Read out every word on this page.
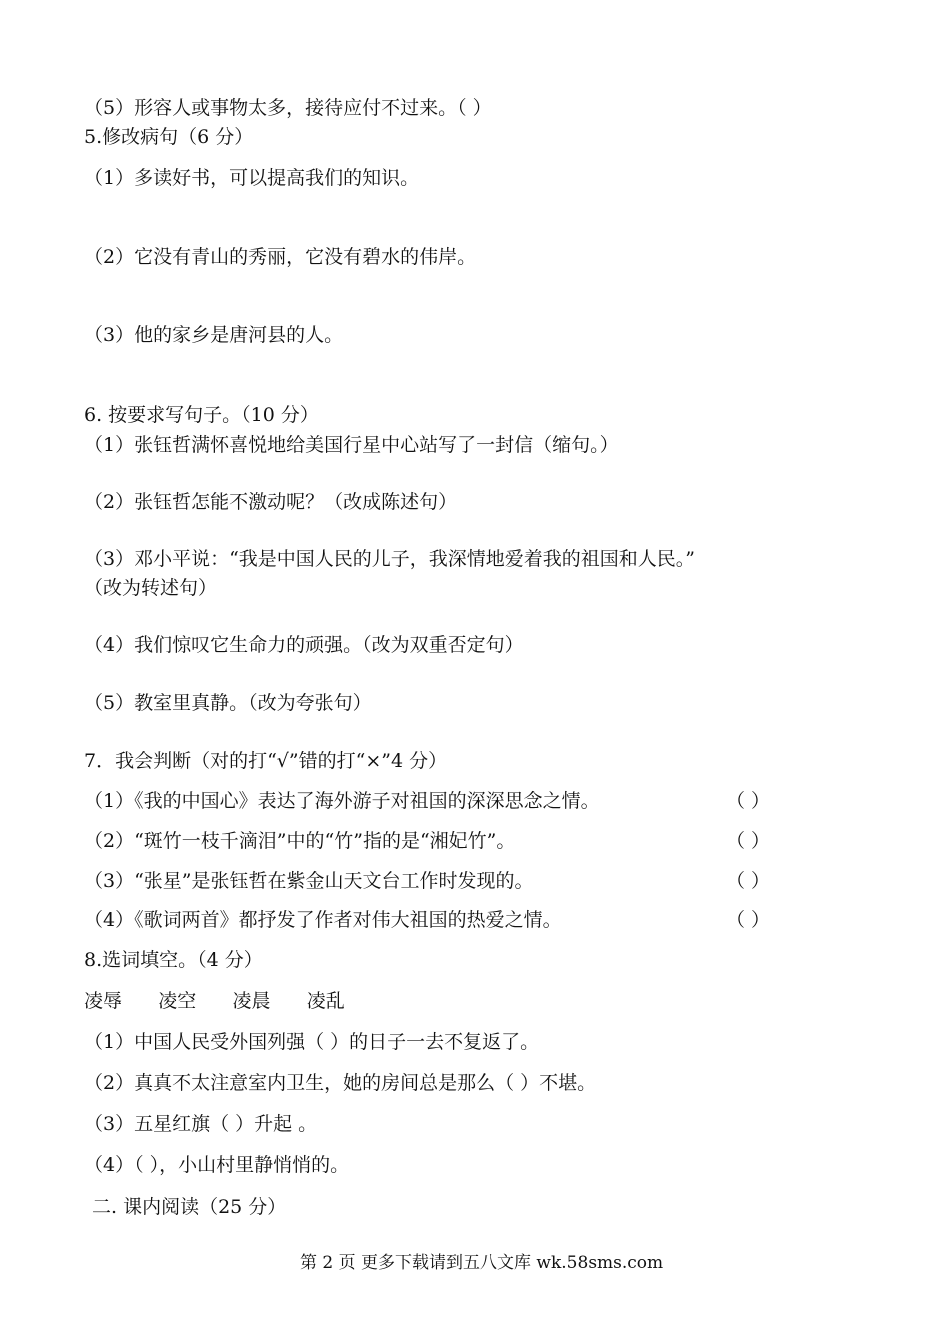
（5）形容人或事物太多，接待应付不过来。（ ）
5.修改病句（6 分）
（1）多读好书，可以提高我们的知识。
（2）它没有青山的秀丽，它没有碧水的伟岸。
（3）他的家乡是唐河县的人。
6. 按要求写句子。（10 分）
（1）张钰哲满怀喜悦地给美国行星中心站写了一封信（缩句。）
（2）张钰哲怎能不激动呢？（改成陈述句）
（3）邓小平说：“我是中国人民的儿子，我深情地爱着我的祖国和人民。”
（改为转述句）
（4）我们惊叹它生命力的顽强。（改为双重否定句）
（5）教室里真静。（改为夸张句）
7．我会判断（对的打“√”错的打“×”4 分）
（1）《我的中国心》表达了海外游子对祖国的深深思念之情。	（ ）
（2）“斑竹一枝千滴泪”中的“竹”指的是“湘妃竹”。	（ ）
（3）“张星”是张钰哲在紫金山天文台工作时发现的。	（ ）
（4）《歌词两首》都抒发了作者对伟大祖国的热爱之情。	（ ）
8.选词填空。（4 分）
凌辱      凌空      凌晨      凌乱
（1）中国人民受外国列强（ ）的日子一去不复返了。
（2）真真不太注意室内卫生，她的房间总是那么（ ）不堪。
（3）五星红旗（ ）升起 。
（4）（ ），小山村里静悄悄的。
二. 课内阅读（25 分）
第 2 页 更多下载请到五八文库 wk.58sms.com
